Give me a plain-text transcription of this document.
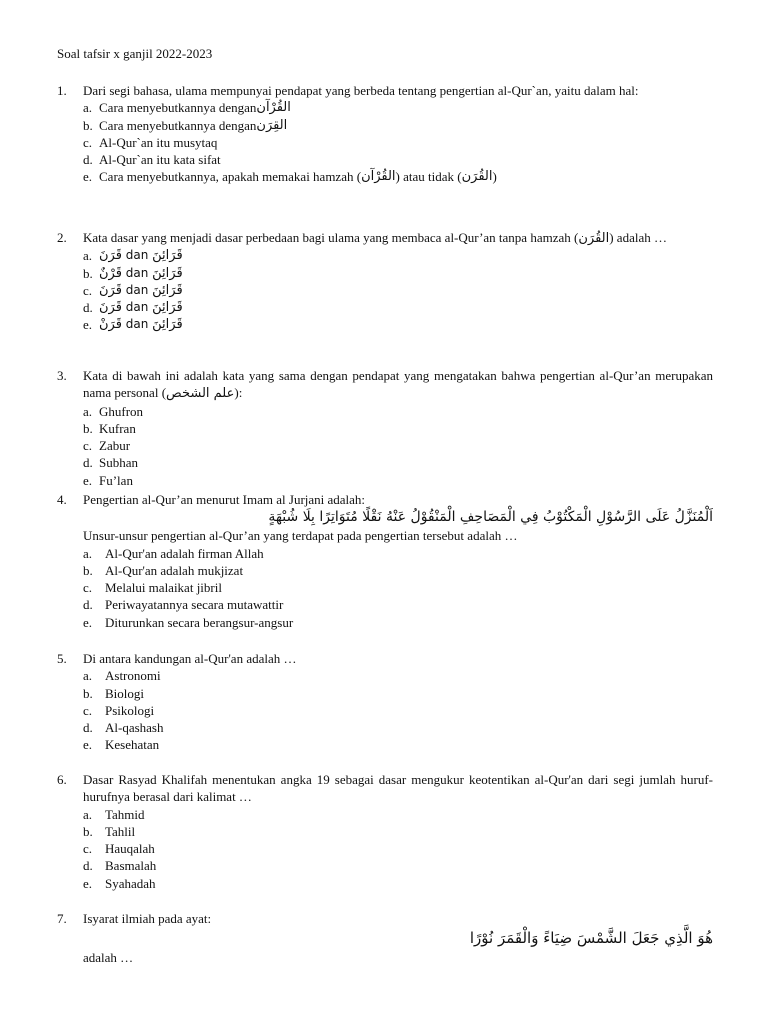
Soal tafsir x ganjil 2022-2023
1.	Dari segi bahasa, ulama mempunyai pendapat yang berbeda tentang pengertian al-Qur`an, yaitu dalam hal:
a. Cara menyebutkannya dengan القُرْآن
b. Cara menyebutkannya dengan القِرَن
c. Al-Qur`an itu musytaq
d. Al-Qur`an itu kata sifat
e. Cara menyebutkannya, apakah memakai hamzah ( القُرْآن ) atau tidak ( القُرَن )
2.	Kata dasar yang menjadi dasar perbedaan bagi ulama yang membaca al-Qur’an tanpa hamzah (القُرَن) adalah …
a. قَرَنَ dan قَرَائِنَ
b. قَرْنٌ dan قَرَائِنَ
c. قَرَنَ dan قَرَائِنَ
d. قَرَنَ dan قَرَائِنَ
e. قَرَنْ dan قَرَائِنَ
3.	Kata di bawah ini adalah kata yang sama dengan pendapat yang mengatakan bahwa pengertian al-Qur’an merupakan nama personal (علم الشخص):
a. Ghufron
b. Kufran
c. Zabur
d. Subhan
e. Fu’lan
4.	Pengertian al-Qur’an menurut Imam al Jurjani adalah:
اَلْمُنَزَّلُ عَلَى الرَّسُوْلِ الْمَكْتُوْبُ فِي الْمَصَاحِفِ الْمَنْقُوْلُ عَنْهُ نَقْلًا مُتَوَاتِرًا بِلَا شُبْهَةٍ
Unsur-unsur pengertian al-Qur’an yang terdapat pada pengertian tersebut adalah …
a. Al-Qur'an adalah firman Allah
b. Al-Qur'an adalah mukjizat
c. Melalui malaikat jibril
d. Periwayatannya secara mutawattir
e. Diturunkan secara berangsur-angsur
5.	Di antara kandungan al-Qur'an adalah …
a. Astronomi
b. Biologi
c. Psikologi
d. Al-qashash
e. Kesehatan
6.	Dasar Rasyad Khalifah menentukan angka 19 sebagai dasar mengukur keotentikan al-Qur'an dari segi jumlah huruf-hurufnya berasal dari kalimat …
a. Tahmid
b. Tahlil
c. Hauqalah
d. Basmalah
e. Syahadah
7.	Isyarat ilmiah pada ayat:
هُوَ الَّذِي جَعَلَ الشَّمْسَ ضِيَاءً وَالْقَمَرَ نُوْرًا
adalah …
